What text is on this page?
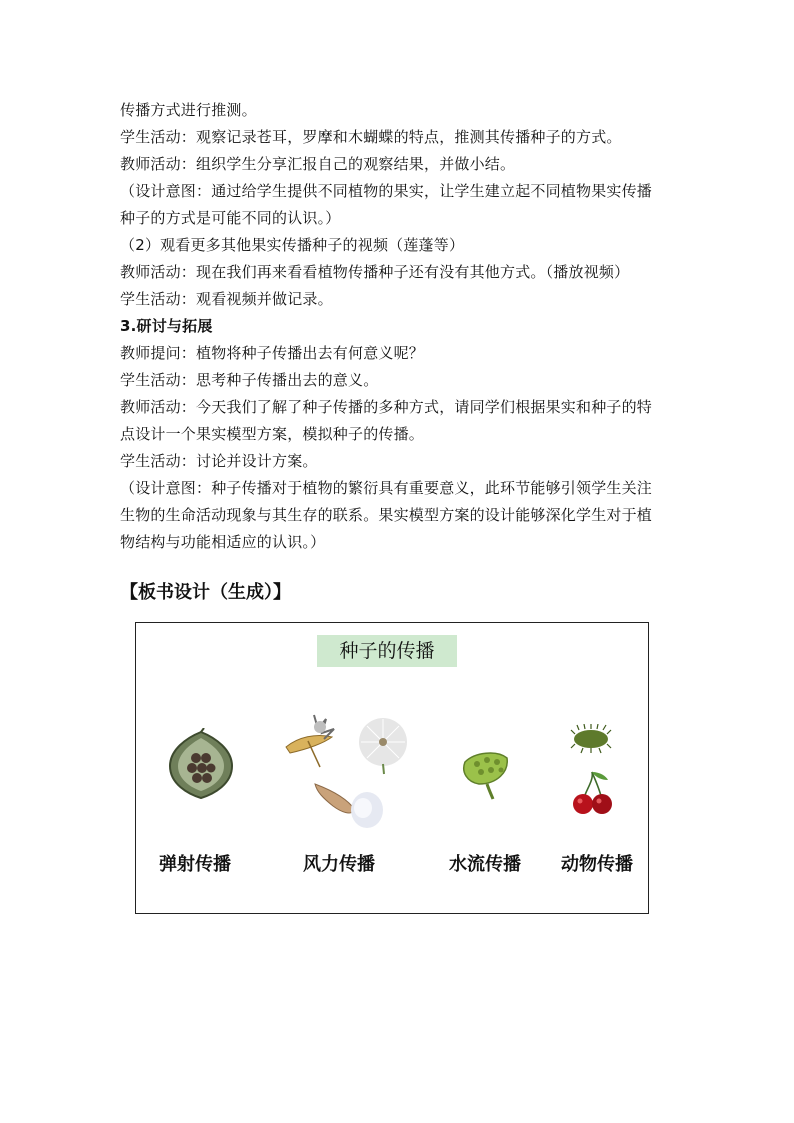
传播方式进行推测。
学生活动：观察记录苍耳，罗摩和木蝴蝶的特点，推测其传播种子的方式。
教师活动：组织学生分享汇报自己的观察结果，并做小结。
（设计意图：通过给学生提供不同植物的果实，让学生建立起不同植物果实传播
种子的方式是可能不同的认识。）
（2）观看更多其他果实传播种子的视频（莲蓬等）
教师活动：现在我们再来看看植物传播种子还有没有其他方式。（播放视频）
学生活动：观看视频并做记录。
3.研讨与拓展
教师提问：植物将种子传播出去有何意义呢？
学生活动：思考种子传播出去的意义。
教师活动：今天我们了解了种子传播的多种方式，请同学们根据果实和种子的特
点设计一个果实模型方案，模拟种子的传播。
学生活动：讨论并设计方案。
（设计意图：种子传播对于植物的繁衍具有重要意义，此环节能够引领学生关注
生物的生命活动现象与其生存的联系。果实模型方案的设计能够深化学生对于植
物结构与功能相适应的认识。）
【板书设计（生成）】
种子的传播
弹射传播	风力传播	水流传播 动物传播
